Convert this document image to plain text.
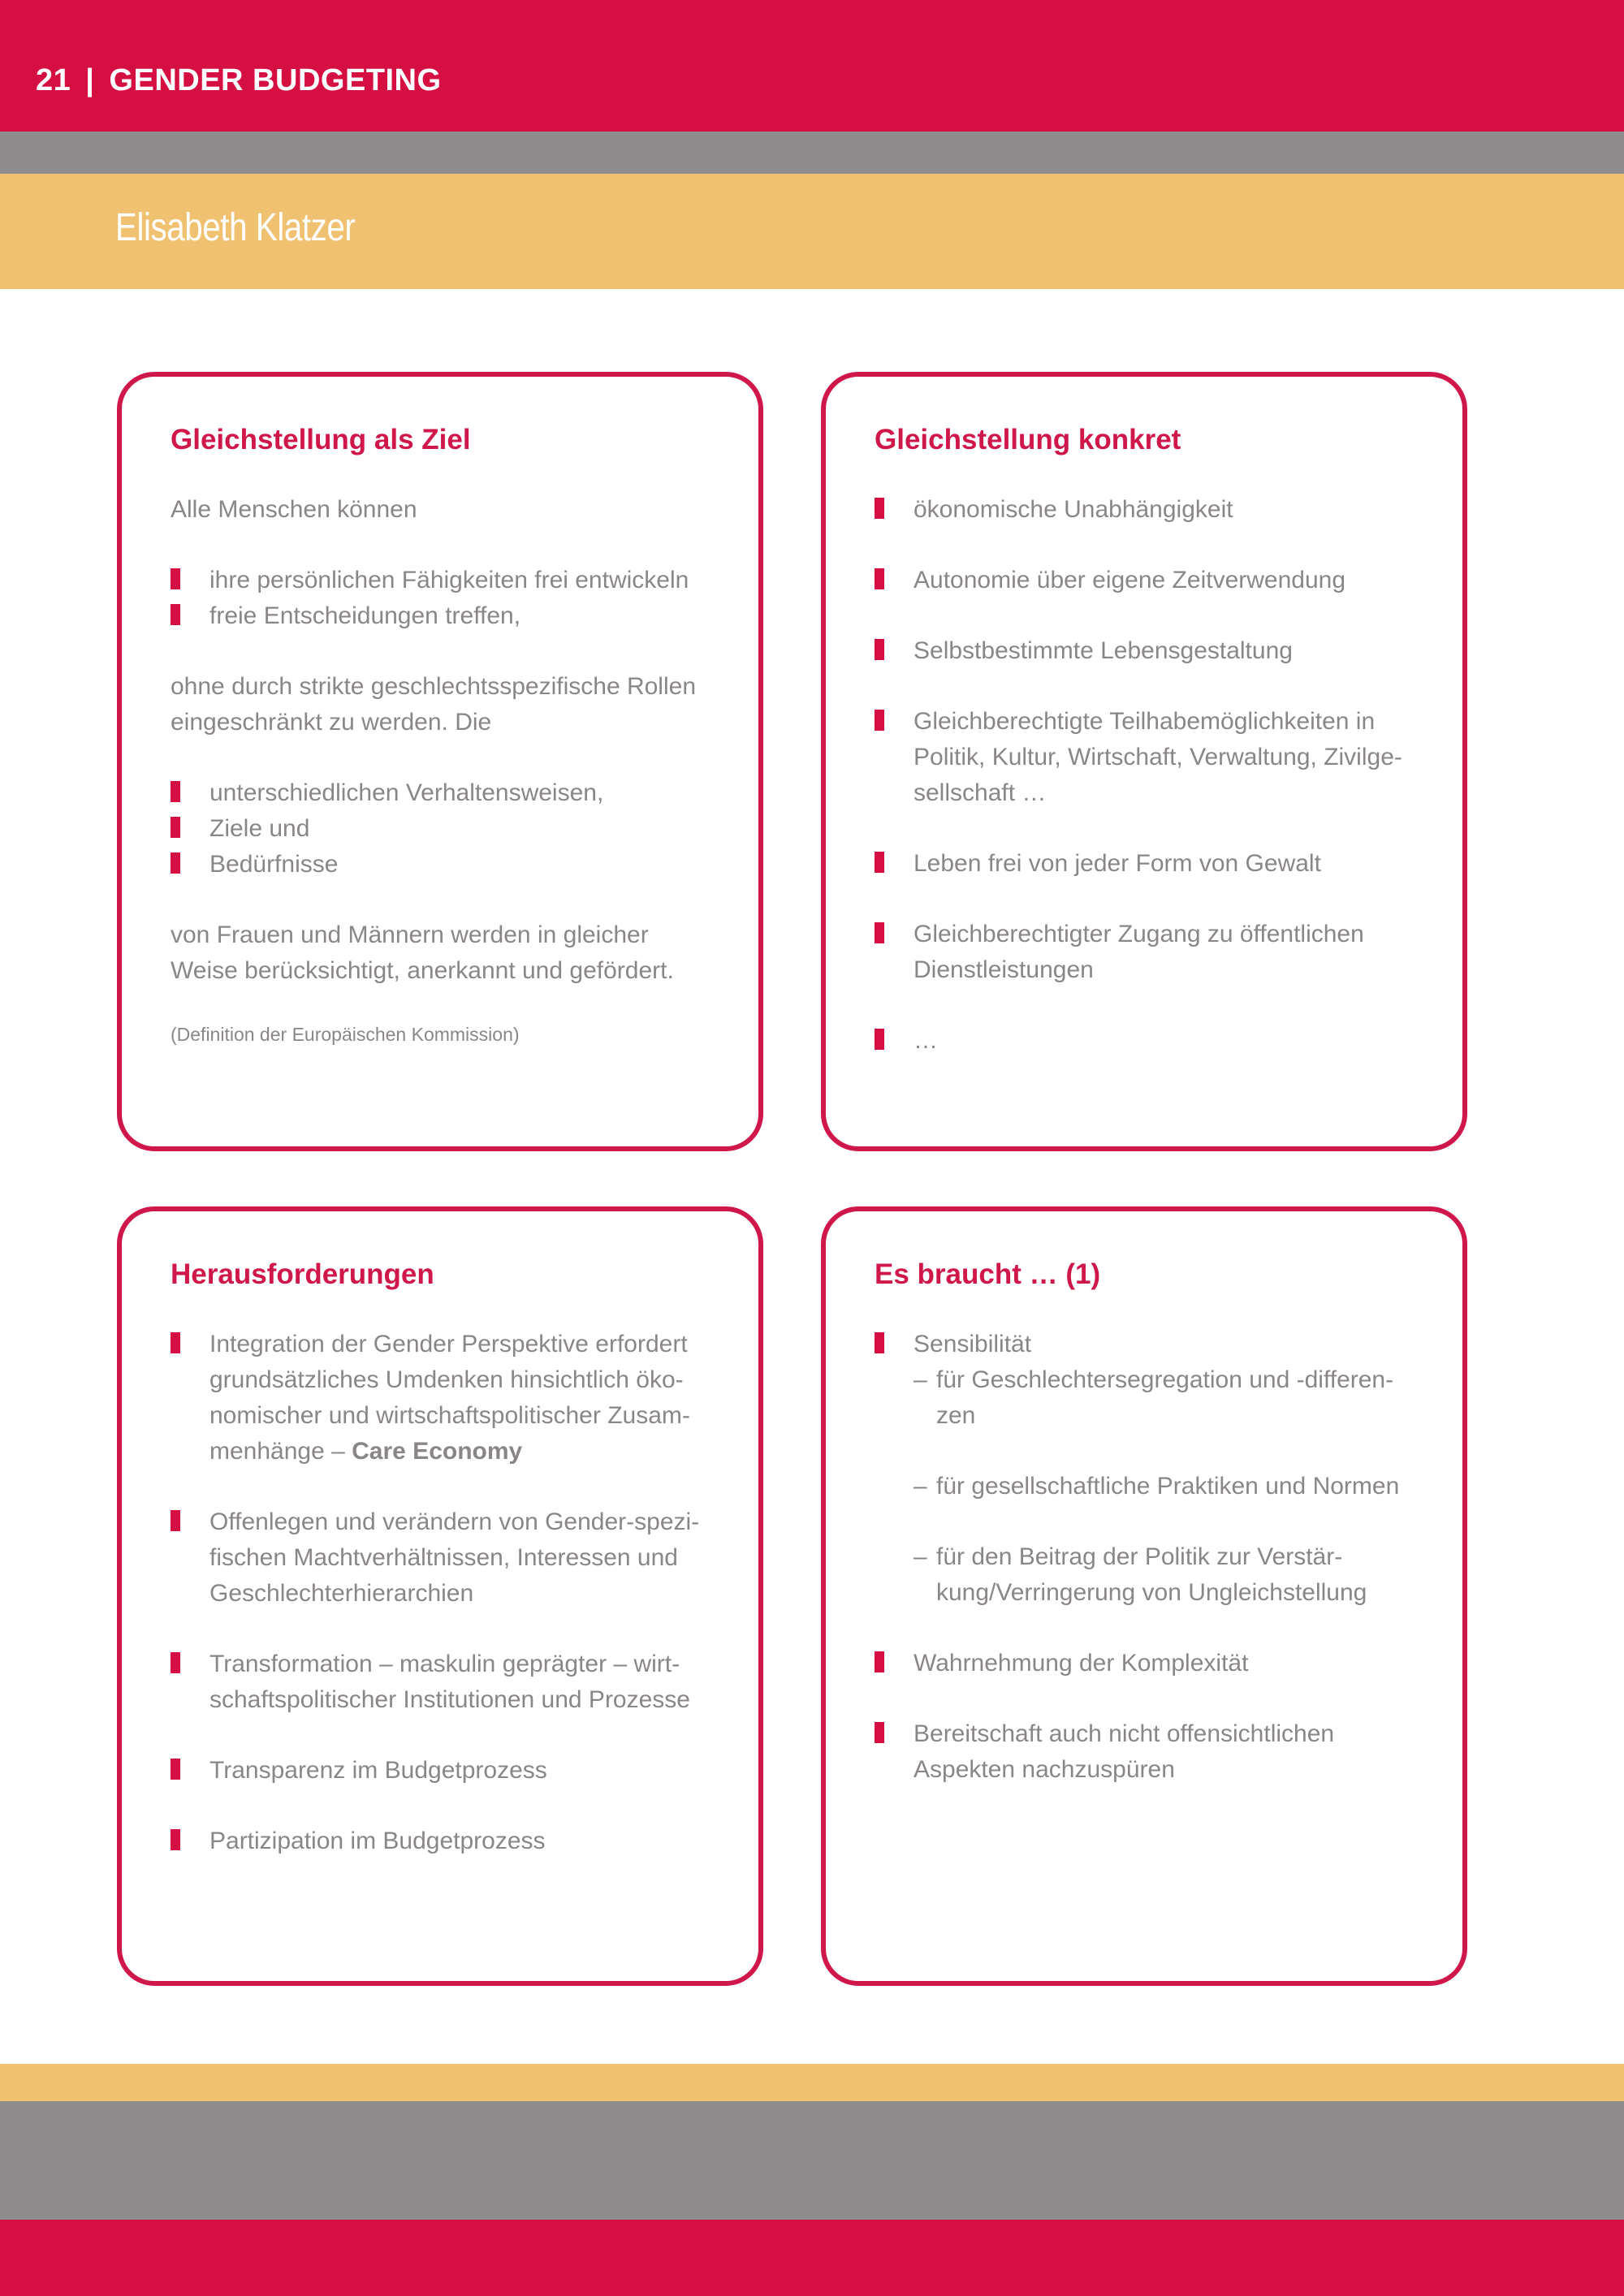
21 | GENDER BUDGETING
Elisabeth Klatzer
Gleichstellung als Ziel

Alle Menschen können

ihre persönlichen Fähigkeiten frei entwickeln
freie Entscheidungen treffen,

ohne durch strikte geschlechtsspezifische Rollen eingeschränkt zu werden. Die

unterschiedlichen Verhaltensweisen,
Ziele und
Bedürfnisse

von Frauen und Männern werden in gleicher Weise berücksichtigt, anerkannt und gefördert.

(Definition der Europäischen Kommission)

Gleichstellung konkret
ökonomische Unabhängigkeit
Autonomie über eigene Zeitverwendung
Selbstbestimmte Lebensgestaltung
Gleichberechtigte Teilhabemöglichkeiten in Politik, Kultur, Wirtschaft, Verwaltung, Zivilge-sellschaft …
Leben frei von jeder Form von Gewalt
Gleichberechtigter Zugang zu öffentlichen Dienstleistungen
…
Herausforderungen
Integration der Gender Perspektive erfordert grundsätzliches Umdenken hinsichtlich öko-nomischer und wirtschaftspolitischer Zusam-menhänge – Care Economy
Offenlegen und verändern von Gender-spezi-fischen Machtverhältnissen, Interessen und Geschlechterhierarchien
Transformation – maskulin geprägter – wirt-schaftspolitischer Institutionen und Prozesse
Transparenz im Budgetprozess
Partizipation im Budgetprozess
Es braucht … (1)
Sensibilität
– für Geschlechtersegregation und -differen-zen
– für gesellschaftliche Praktiken und Normen
– für den Beitrag der Politik zur Verstär-kung/Verringerung von Ungleichstellung
Wahrnehmung der Komplexität
Bereitschaft auch nicht offensichtlichen Aspekten nachzuspüren
